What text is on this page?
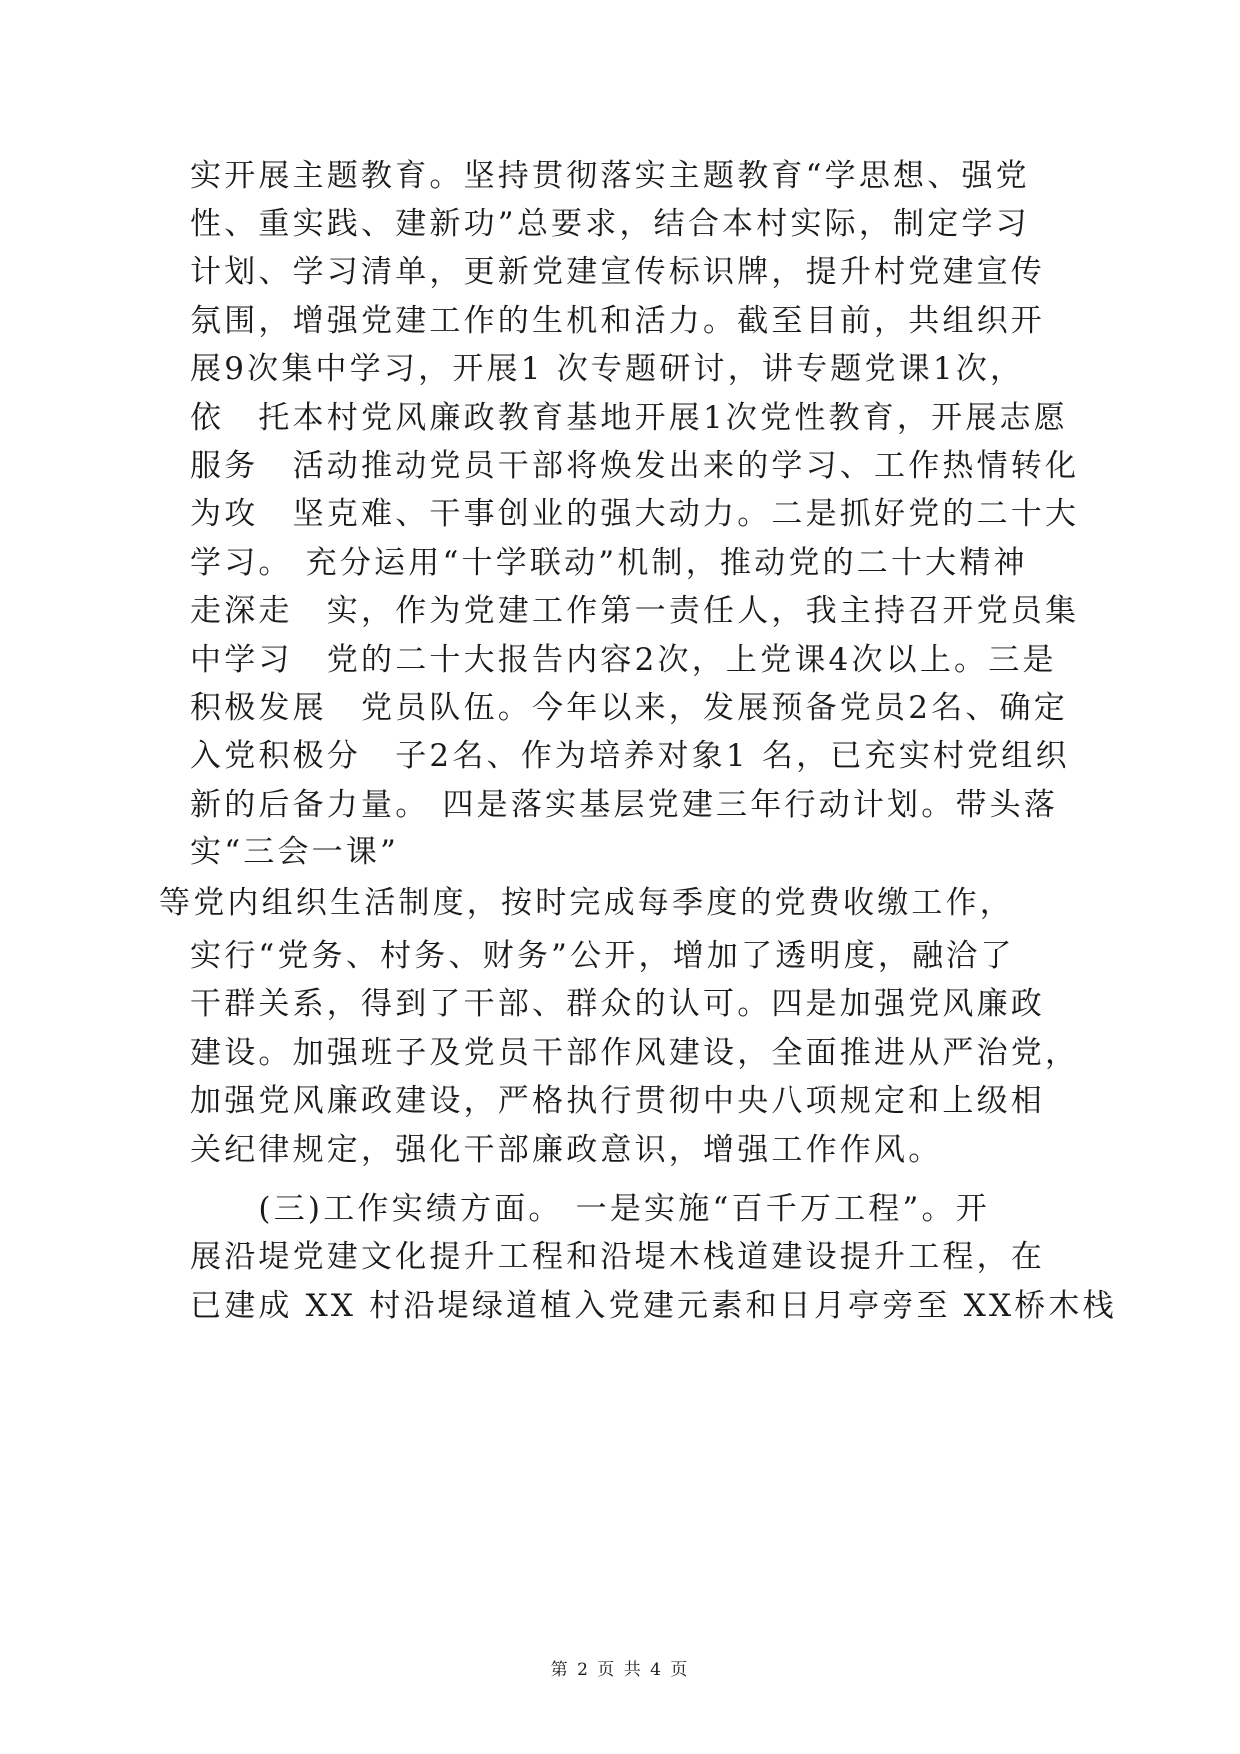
实开展主题教育。坚持贯彻落实主题教育“学思想、强党
性、重实践、建新功”总要求，结合本村实际，制定学习
计划、学习清单，更新党建宣传标识牌，提升村党建宣传
氛围，增强党建工作的生机和活力。截至目前，共组织开
展9次集中学习，开展1 次专题研讨，讲专题党课1次，
依　托本村党风廉政教育基地开展1次党性教育，开展志愿
服务　活动推动党员干部将焕发出来的学习、工作热情转化
为攻　坚克难、干事创业的强大动力。二是抓好党的二十大
学习。 充分运用“十学联动”机制，推动党的二十大精神
走深走　实，作为党建工作第一责任人，我主持召开党员集
中学习　党的二十大报告内容2次，上党课4次以上。三是
积极发展　党员队伍。今年以来，发展预备党员2名、确定
入党积极分　子2名、作为培养对象1 名，已充实村党组织
新的后备力量。 四是落实基层党建三年行动计划。带头落
实“三会一课”
等党内组织生活制度，按时完成每季度的党费收缴工作，
实行“党务、村务、财务”公开，增加了透明度，融洽了
干群关系，得到了干部、群众的认可。四是加强党风廉政
建设。加强班子及党员干部作风建设，全面推进从严治党，
加强党风廉政建设，严格执行贯彻中央八项规定和上级相
关纪律规定，强化干部廉政意识，增强工作作风。
　　(三)工作实绩方面。 一是实施“百千万工程”。开
展沿堤党建文化提升工程和沿堤木栈道建设提升工程，在
已建成 XX 村沿堤绿道植入党建元素和日月亭旁至 XX桥木栈
第 2 页 共 4 页
